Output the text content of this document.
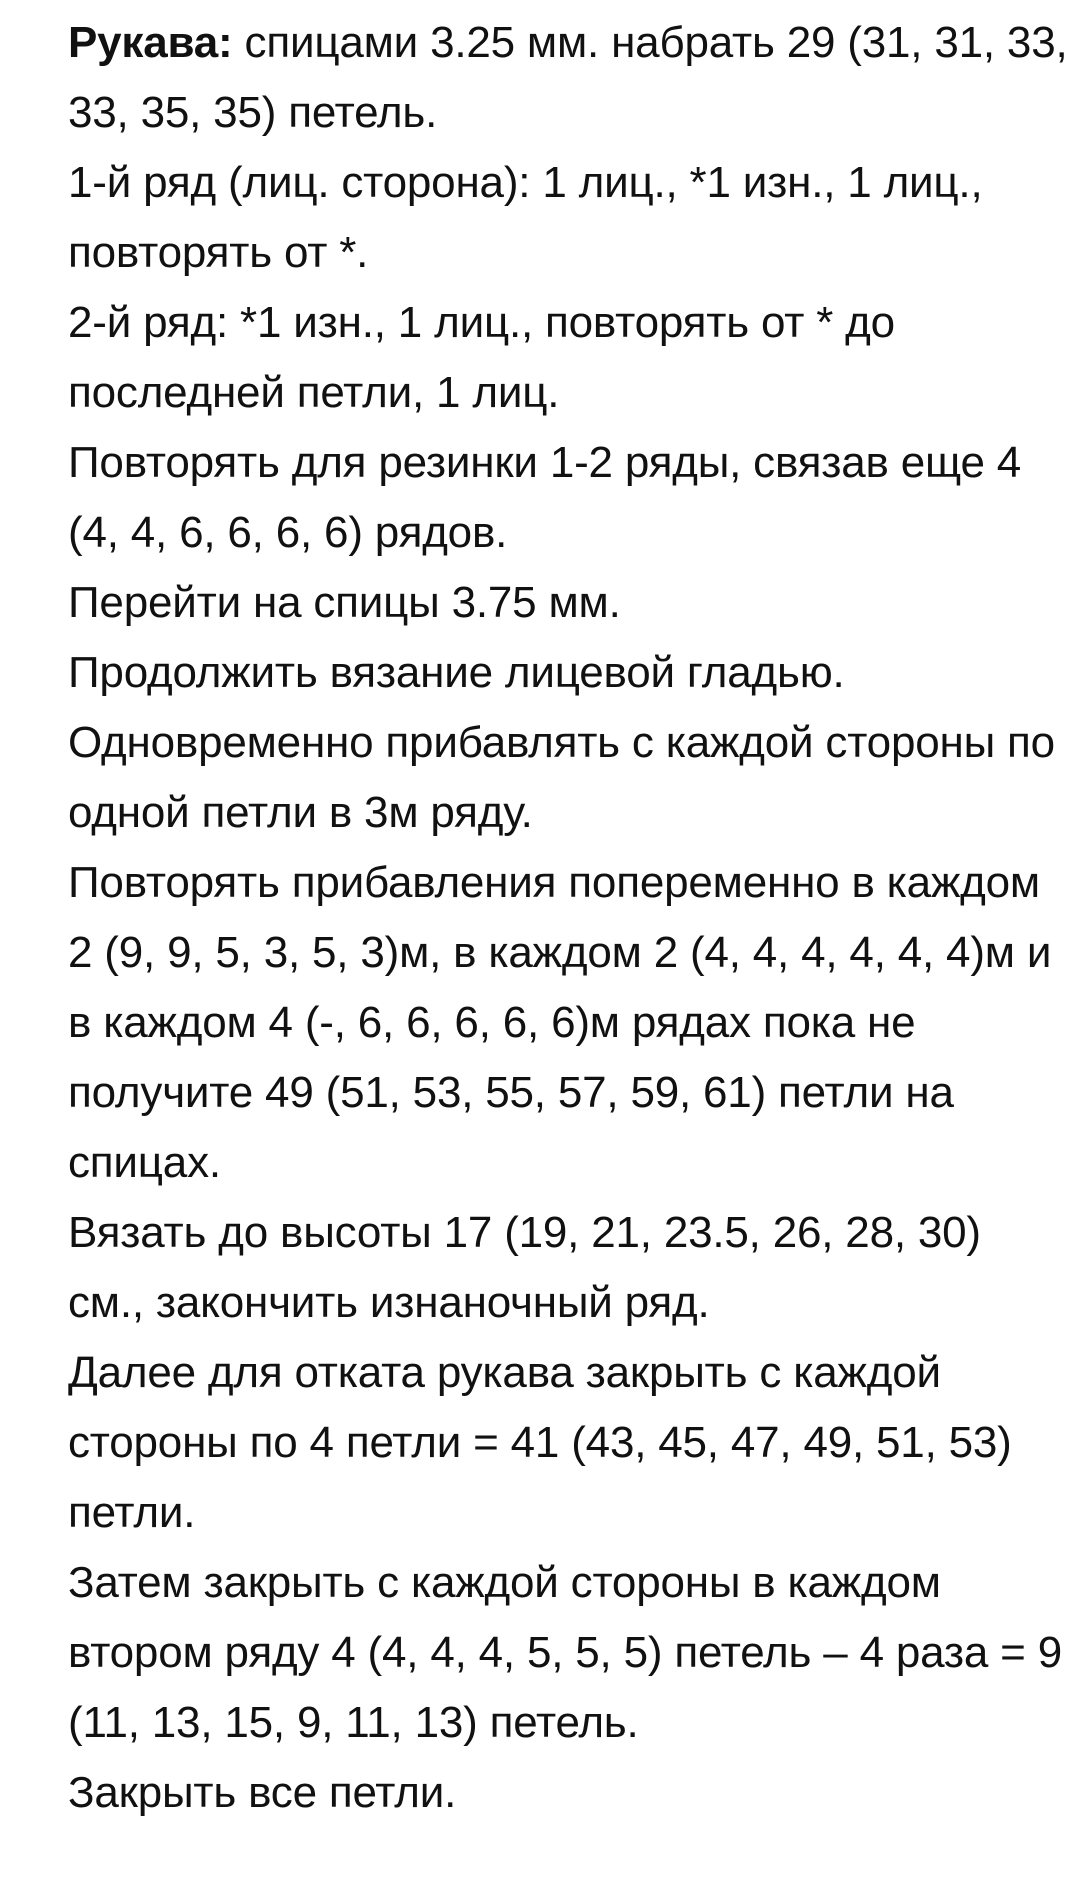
Рукава: спицами 3.25 мм. набрать 29 (31, 31, 33, 33, 35, 35) петель.

1-й ряд (лиц. сторона): 1 лиц., *1 изн., 1 лиц., повторять от *.

2-й ряд: *1 изн., 1 лиц., повторять от * до последней петли, 1 лиц.

Повторять для резинки 1-2 ряды, связав еще 4 (4, 4, 6, 6, 6, 6) рядов.

Перейти на спицы 3.75 мм.

Продолжить вязание лицевой гладью.

Одновременно прибавлять с каждой стороны по одной петли в 3м ряду.

Повторять прибавления попеременно в каждом 2 (9, 9, 5, 3, 5, 3)м, в каждом 2 (4, 4, 4, 4, 4, 4)м и в каждом 4 (-, 6, 6, 6, 6, 6)м рядах пока не получите 49 (51, 53, 55, 57, 59, 61) петли на спицах.

Вязать до высоты 17 (19, 21, 23.5, 26, 28, 30) см., закончить изнаночный ряд.

Далее для отката рукава закрыть с каждой стороны по 4 петли = 41 (43, 45, 47, 49, 51, 53) петли.

Затем закрыть с каждой стороны в каждом втором ряду 4 (4, 4, 4, 5, 5, 5) петель – 4 раза = 9 (11, 13, 15, 9, 11, 13) петель.

Закрыть все петли.
